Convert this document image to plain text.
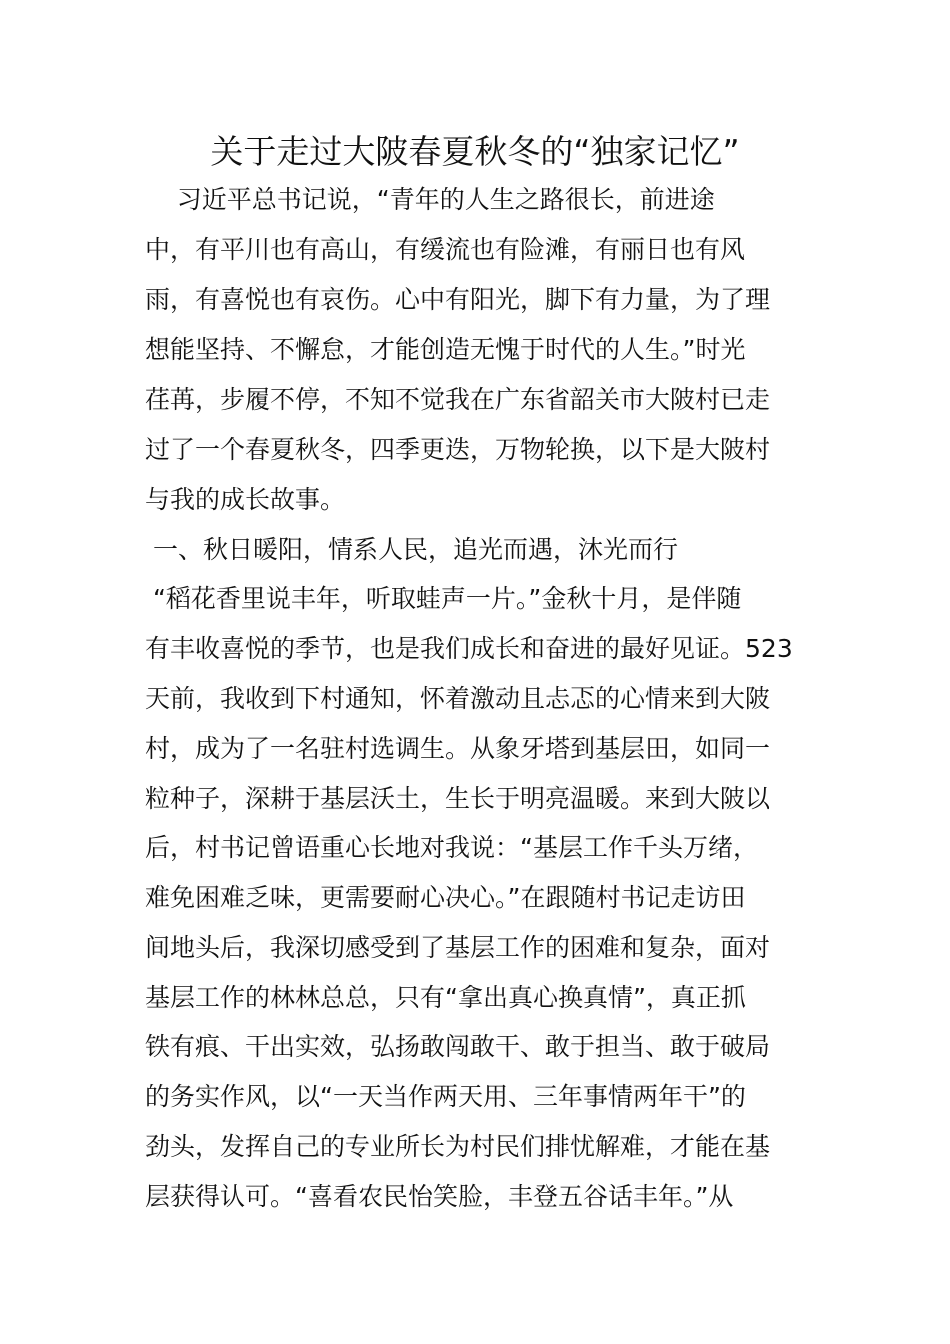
关于走过大陂春夏秋冬的“独家记忆”
习近平总书记说，“青年的人生之路很长，前进途
中，有平川也有高山，有缓流也有险滩，有丽日也有风
雨，有喜悦也有哀伤。心中有阳光，脚下有力量，为了理
想能坚持、不懈怠，才能创造无愧于时代的人生。”时光
荏苒，步履不停，不知不觉我在广东省韶关市大陂村已走
过了一个春夏秋冬，四季更迭，万物轮换，以下是大陂村
与我的成长故事。
一、秋日暖阳，情系人民，追光而遇，沐光而行
“稻花香里说丰年，听取蛙声一片。”金秋十月，是伴随
有丰收喜悦的季节，也是我们成长和奋进的最好见证。523
天前，我收到下村通知，怀着激动且忐忑的心情来到大陂
村，成为了一名驻村选调生。从象牙塔到基层田，如同一
粒种子，深耕于基层沃土，生长于明亮温暖。来到大陂以
后，村书记曾语重心长地对我说：“基层工作千头万绪，
难免困难乏味，更需要耐心决心。”在跟随村书记走访田
间地头后，我深切感受到了基层工作的困难和复杂，面对
基层工作的林林总总，只有“拿出真心换真情”，真正抓
铁有痕、干出实效，弘扬敢闯敢干、敢于担当、敢于破局
的务实作风，以“一天当作两天用、三年事情两年干”的
劲头，发挥自己的专业所长为村民们排忧解难，才能在基
层获得认可。“喜看农民怡笑脸，丰登五谷话丰年。”从
